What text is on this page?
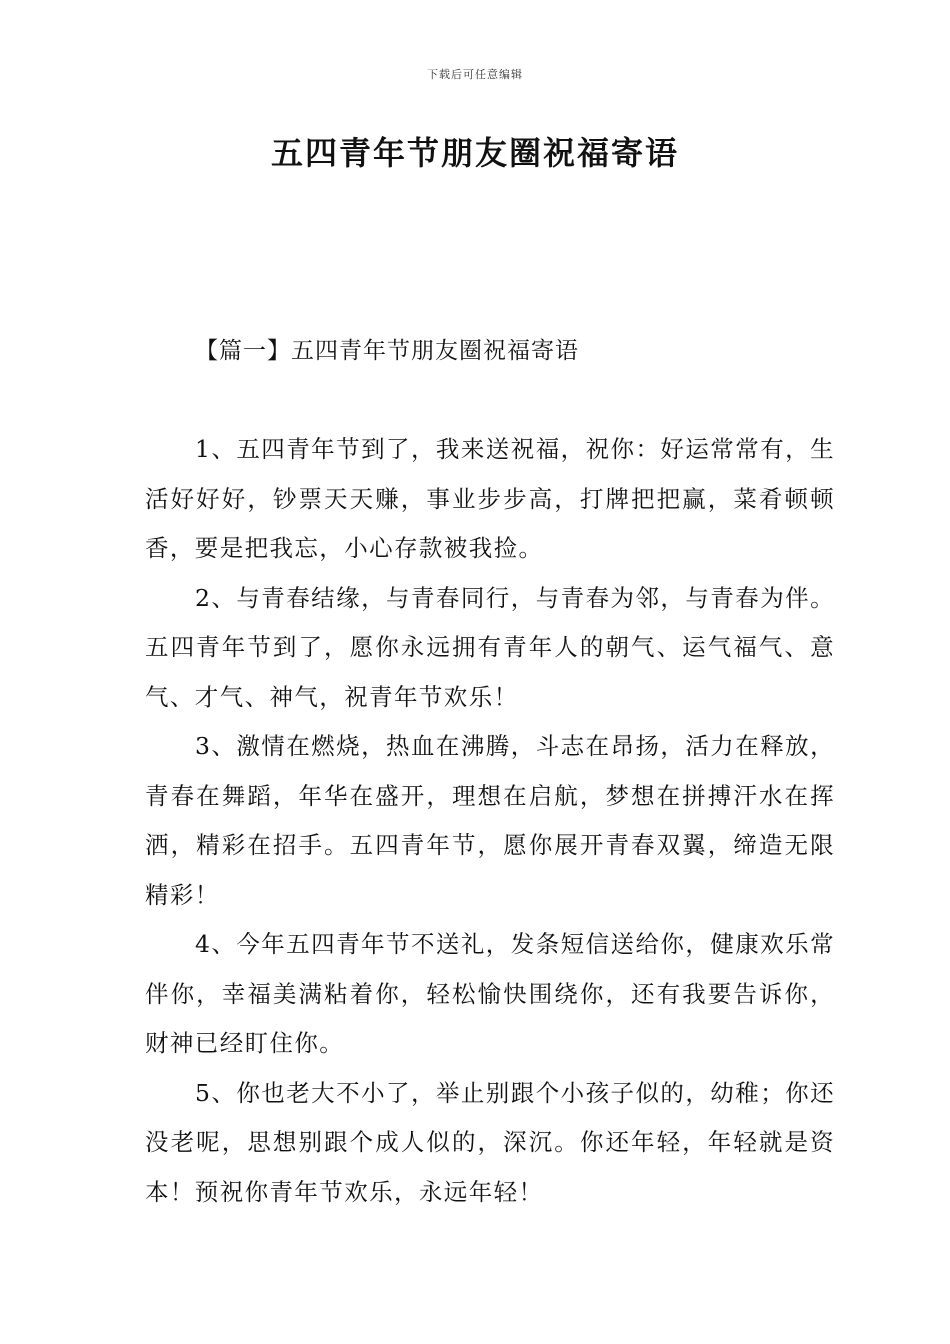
下载后可任意编辑
五四青年节朋友圈祝福寄语
【篇一】五四青年节朋友圈祝福寄语

1、五四青年节到了，我来送祝福，祝你：好运常常有，生活好好好，钞票天天赚，事业步步高，打牌把把赢，菜肴顿顿香，要是把我忘，小心存款被我捡。

2、与青春结缘，与青春同行，与青春为邻，与青春为伴。五四青年节到了，愿你永远拥有青年人的朝气、运气福气、意气、才气、神气，祝青年节欢乐！

3、激情在燃烧，热血在沸腾，斗志在昂扬，活力在释放，青春在舞蹈，年华在盛开，理想在启航，梦想在拼搏汗水在挥洒，精彩在招手。五四青年节，愿你展开青春双翼，缔造无限精彩！

4、今年五四青年节不送礼，发条短信送给你，健康欢乐常伴你，幸福美满粘着你，轻松愉快围绕你，还有我要告诉你，财神已经盯住你。

5、你也老大不小了，举止别跟个小孩子似的，幼稚；你还没老呢，思想别跟个成人似的，深沉。你还年轻，年轻就是资本！预祝你青年节欢乐，永远年轻！
